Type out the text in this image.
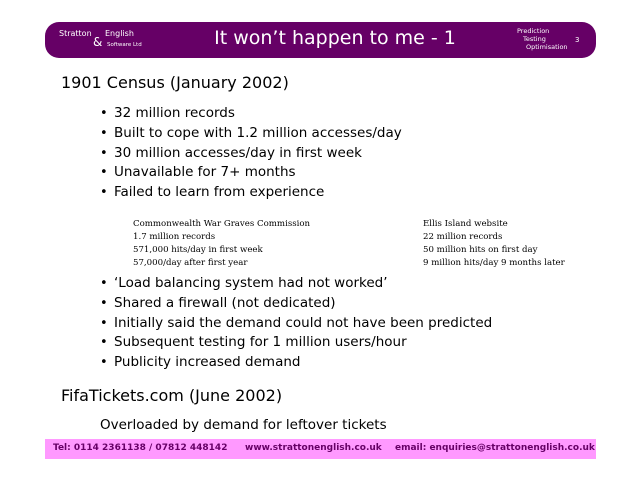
Stratton
&
English
Software Ltd	It won’t happen to me - 1	Prediction
Testing
Optimisation
3
1901 Census (January 2002)
• 32 million records
• Built to cope with 1.2 million accesses/day
• 30 million accesses/day in first week
• Unavailable for 7+ months
• Failed to learn from experience
Commonwealth War Graves Commission
1.7 million records
571,000 hits/day in first week
57,000/day after first year
Ellis Island website
22 million records
50 million hits on first day
9 million hits/day 9 months later
• ‘Load balancing system had not worked’
• Shared a firewall (not dedicated)
• Initially said the demand could not have been predicted
• Subsequent testing for 1 million users/hour
• Publicity increased demand
FifaTickets.com (June 2002)
Overloaded by demand for leftover tickets
Tel: 0114 2361138 / 07812 448142 www.strattonenglish.co.uk email: enquiries@strattonenglish.co.uk
